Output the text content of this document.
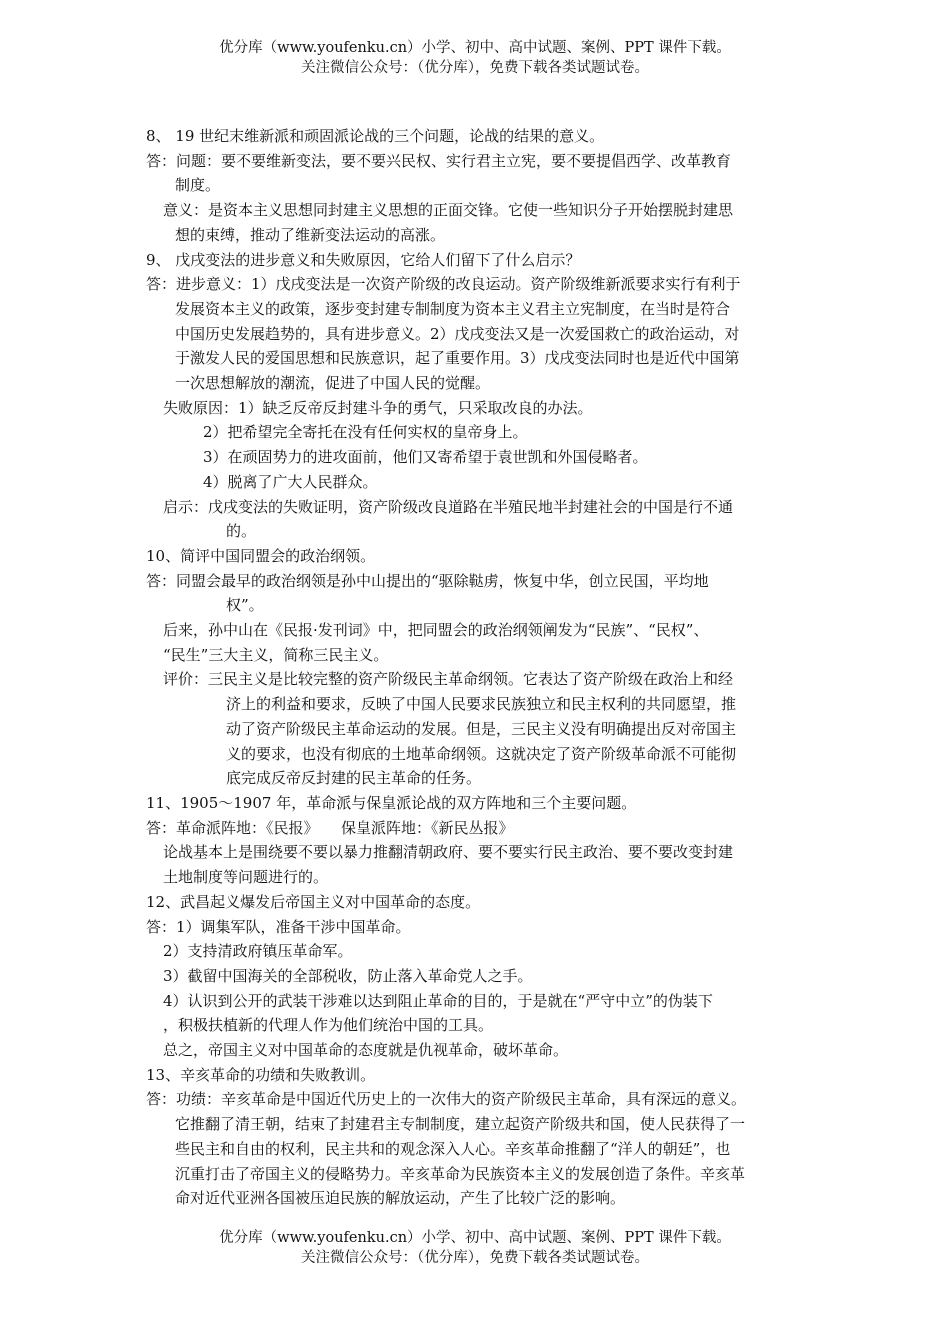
优分库（www.youfenku.cn）小学、初中、高中试题、案例、PPT 课件下载。
关注微信公众号：（优分库），免费下载各类试题试卷。
8、 19 世纪末维新派和顽固派论战的三个问题，论战的结果的意义。
答：问题：要不要维新变法，要不要兴民权、实行君主立宪，要不要提倡西学、改革教育
制度。
意义：是资本主义思想同封建主义思想的正面交锋。它使一些知识分子开始摆脱封建思
想的束缚，推动了维新变法运动的高涨。
9、 戊戌变法的进步意义和失败原因，它给人们留下了什么启示？
答：进步意义：1）戊戌变法是一次资产阶级的改良运动。资产阶级维新派要求实行有利于
发展资本主义的政策，逐步变封建专制制度为资本主义君主立宪制度，在当时是符合
中国历史发展趋势的，具有进步意义。2）戊戌变法又是一次爱国救亡的政治运动，对
于激发人民的爱国思想和民族意识，起了重要作用。3）戊戌变法同时也是近代中国第
一次思想解放的潮流，促进了中国人民的觉醒。
失败原因：1）缺乏反帝反封建斗争的勇气，只采取改良的办法。
2）把希望完全寄托在没有任何实权的皇帝身上。
3）在顽固势力的进攻面前，他们又寄希望于袁世凯和外国侵略者。
4）脱离了广大人民群众。
启示：戊戌变法的失败证明，资产阶级改良道路在半殖民地半封建社会的中国是行不通
的。
10、简评中国同盟会的政治纲领。
答：同盟会最早的政治纲领是孙中山提出的“驱除鞑虏，恢复中华，创立民国，平均地
权”。
后来，孙中山在《民报·发刊词》中，把同盟会的政治纲领阐发为“民族”、“民权”、
“民生”三大主义，简称三民主义。
评价：三民主义是比较完整的资产阶级民主革命纲领。它表达了资产阶级在政治上和经
济上的利益和要求，反映了中国人民要求民族独立和民主权利的共同愿望，推
动了资产阶级民主革命运动的发展。但是，三民主义没有明确提出反对帝国主
义的要求，也没有彻底的土地革命纲领。这就决定了资产阶级革命派不可能彻
底完成反帝反封建的民主革命的任务。
11、1905～1907 年，革命派与保皇派论战的双方阵地和三个主要问题。
答：革命派阵地：《民报》　　保皇派阵地：《新民丛报》
论战基本上是围绕要不要以暴力推翻清朝政府、要不要实行民主政治、要不要改变封建
土地制度等问题进行的。
12、武昌起义爆发后帝国主义对中国革命的态度。
答：1）调集军队，准备干涉中国革命。
2）支持清政府镇压革命军。
3）截留中国海关的全部税收，防止落入革命党人之手。
4）认识到公开的武装干涉难以达到阻止革命的目的，于是就在“严守中立”的伪装下
，积极扶植新的代理人作为他们统治中国的工具。
总之，帝国主义对中国革命的态度就是仇视革命，破坏革命。
13、辛亥革命的功绩和失败教训。
答：功绩：辛亥革命是中国近代历史上的一次伟大的资产阶级民主革命，具有深远的意义。
它推翻了清王朝，结束了封建君主专制制度，建立起资产阶级共和国，使人民获得了一
些民主和自由的权利，民主共和的观念深入人心。辛亥革命推翻了“洋人的朝廷”，也
沉重打击了帝国主义的侵略势力。辛亥革命为民族资本主义的发展创造了条件。辛亥革
命对近代亚洲各国被压迫民族的解放运动，产生了比较广泛的影响。
优分库（www.youfenku.cn）小学、初中、高中试题、案例、PPT 课件下载。
关注微信公众号：（优分库），免费下载各类试题试卷。
